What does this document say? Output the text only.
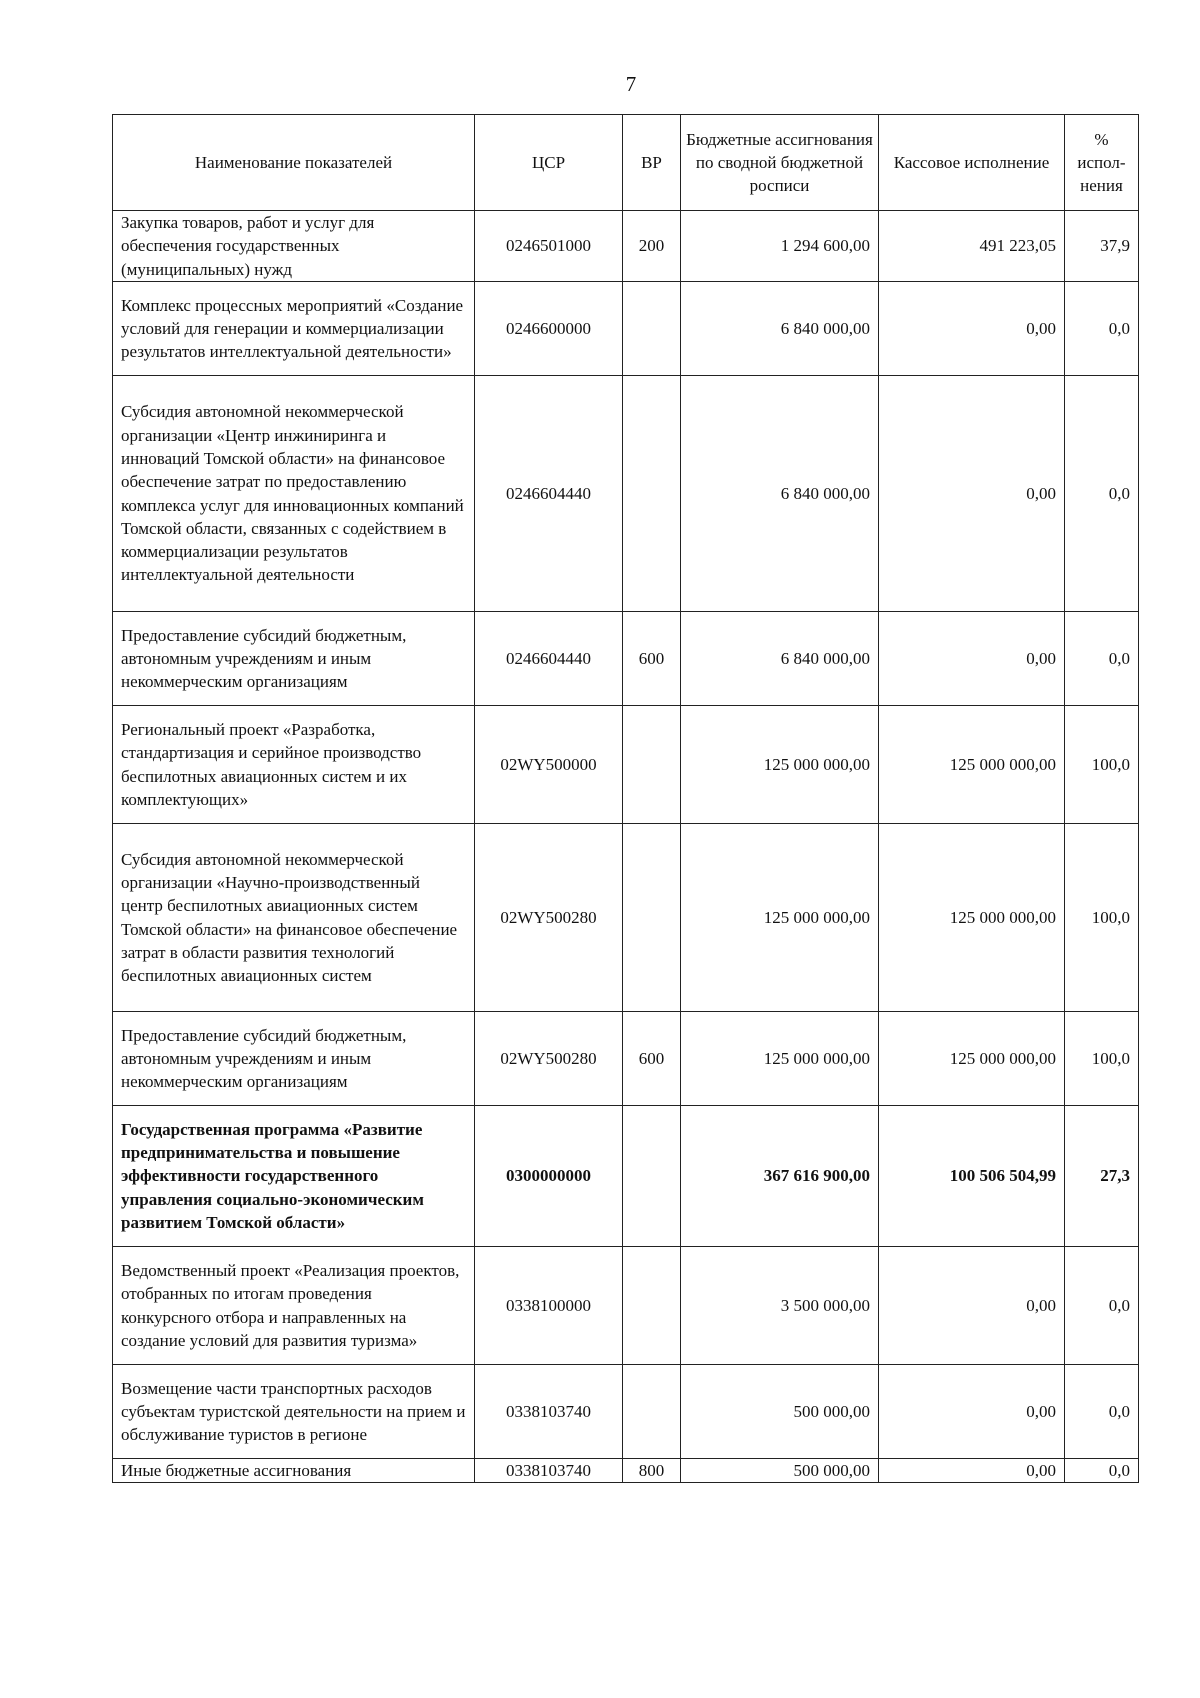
7
Наименование показателей	ЦСР	ВР	Бюджетные ассигнования по сводной бюджетной росписи	Кассовое исполнение	% испол-нения
Закупка товаров, работ и услуг для обеспечения государственных (муниципальных) нужд	0246501000	200	1 294 600,00	491 223,05	37,9
Комплекс процессных мероприятий «Создание условий для генерации и коммерциализации результатов интеллектуальной деятельности»	0246600000		6 840 000,00	0,00	0,0
Субсидия автономной некоммерческой организации «Центр инжиниринга и инноваций Томской области» на финансовое обеспечение затрат по предоставлению комплекса услуг для инновационных компаний Томской области, связанных с содействием в коммерциализации результатов интеллектуальной деятельности	0246604440		6 840 000,00	0,00	0,0
Предоставление субсидий бюджетным, автономным учреждениям и иным некоммерческим организациям	0246604440	600	6 840 000,00	0,00	0,0
Региональный проект «Разработка, стандартизация и серийное производство беспилотных авиационных систем и их комплектующих»	02WY500000		125 000 000,00	125 000 000,00	100,0
Субсидия автономной некоммерческой организации «Научно-производственный центр беспилотных авиационных систем Томской области» на финансовое обеспечение затрат в области развития технологий беспилотных авиационных систем	02WY500280		125 000 000,00	125 000 000,00	100,0
Предоставление субсидий бюджетным, автономным учреждениям и иным некоммерческим организациям	02WY500280	600	125 000 000,00	125 000 000,00	100,0
Государственная программа «Развитие предпринимательства и повышение эффективности государственного управления социально-экономическим развитием Томской области»	0300000000		367 616 900,00	100 506 504,99	27,3
Ведомственный проект «Реализация проектов, отобранных по итогам проведения конкурсного отбора и направленных на создание условий для развития туризма»	0338100000		3 500 000,00	0,00	0,0
Возмещение части транспортных расходов субъектам туристской деятельности на прием и обслуживание туристов в регионе	0338103740		500 000,00	0,00	0,0
Иные бюджетные ассигнования	0338103740	800	500 000,00	0,00	0,0
